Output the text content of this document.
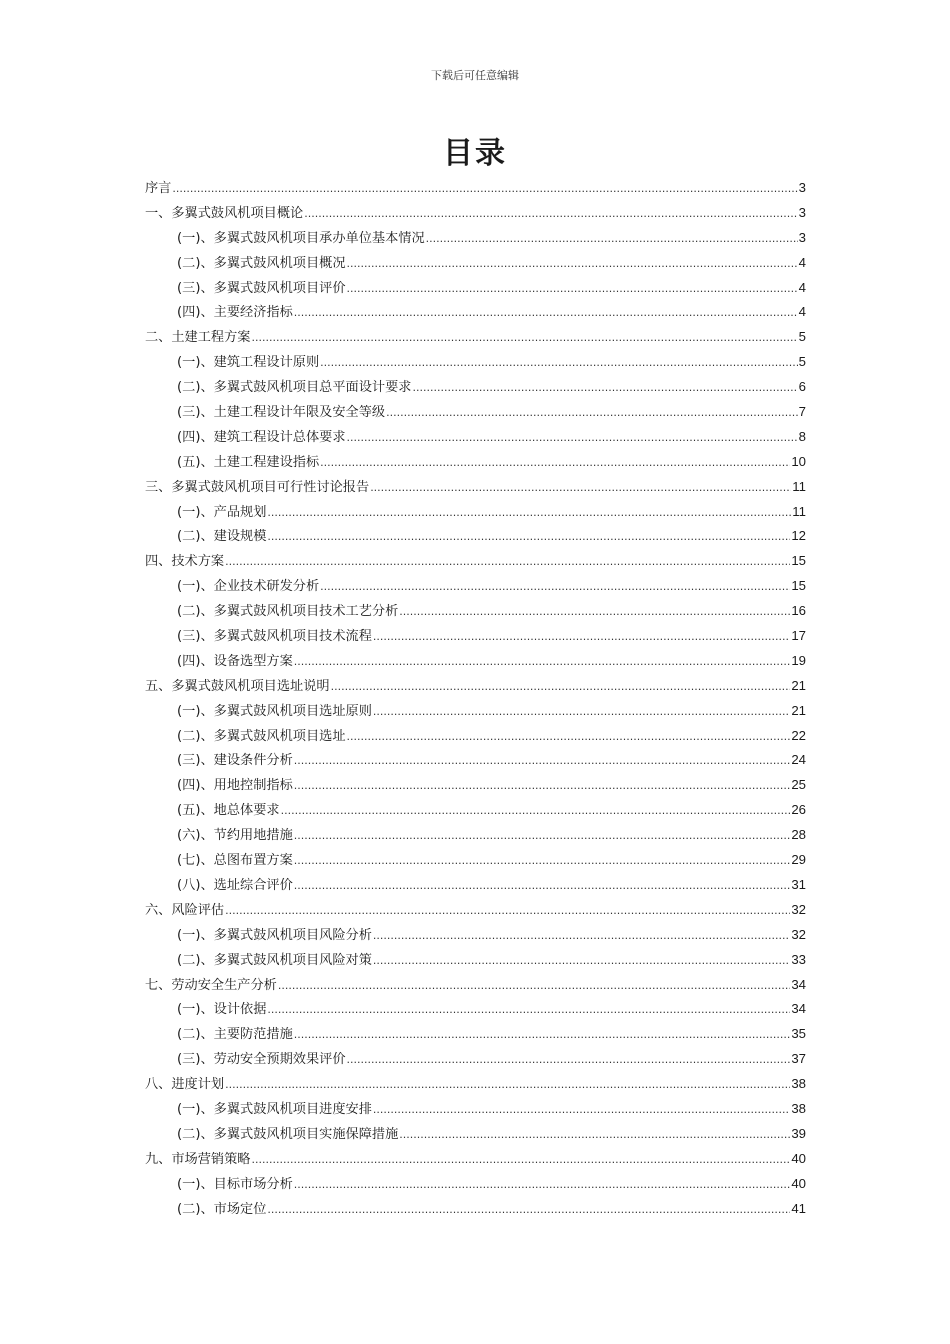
下载后可任意编辑
目录
序言 .....	3
一、多翼式鼓风机项目概论 .....	3
(一)、多翼式鼓风机项目承办单位基本情况 .....	3
(二)、多翼式鼓风机项目概况 .....	4
(三)、多翼式鼓风机项目评价 .....	4
(四)、主要经济指标 .....	4
二、土建工程方案 .....	5
(一)、建筑工程设计原则 .....	5
(二)、多翼式鼓风机项目总平面设计要求 .....	6
(三)、土建工程设计年限及安全等级 .....	7
(四)、建筑工程设计总体要求 .....	8
(五)、土建工程建设指标 .....	10
三、多翼式鼓风机项目可行性讨论报告 .....	11
(一)、产品规划 .....	11
(二)、建设规模 .....	12
四、技术方案 .....	15
(一)、企业技术研发分析 .....	15
(二)、多翼式鼓风机项目技术工艺分析 .....	16
(三)、多翼式鼓风机项目技术流程 .....	17
(四)、设备选型方案 .....	19
五、多翼式鼓风机项目选址说明 .....	21
(一)、多翼式鼓风机项目选址原则 .....	21
(二)、多翼式鼓风机项目选址 .....	22
(三)、建设条件分析 .....	24
(四)、用地控制指标 .....	25
(五)、地总体要求 .....	26
(六)、节约用地措施 .....	28
(七)、总图布置方案 .....	29
(八)、选址综合评价 .....	31
六、风险评估 .....	32
(一)、多翼式鼓风机项目风险分析 .....	32
(二)、多翼式鼓风机项目风险对策 .....	33
七、劳动安全生产分析 .....	34
(一)、设计依据 .....	34
(二)、主要防范措施 .....	35
(三)、劳动安全预期效果评价 .....	37
八、进度计划 .....	38
(一)、多翼式鼓风机项目进度安排 .....	38
(二)、多翼式鼓风机项目实施保障措施 .....	39
九、市场营销策略 .....	40
(一)、目标市场分析 .....	40
(二)、市场定位 .....	41
